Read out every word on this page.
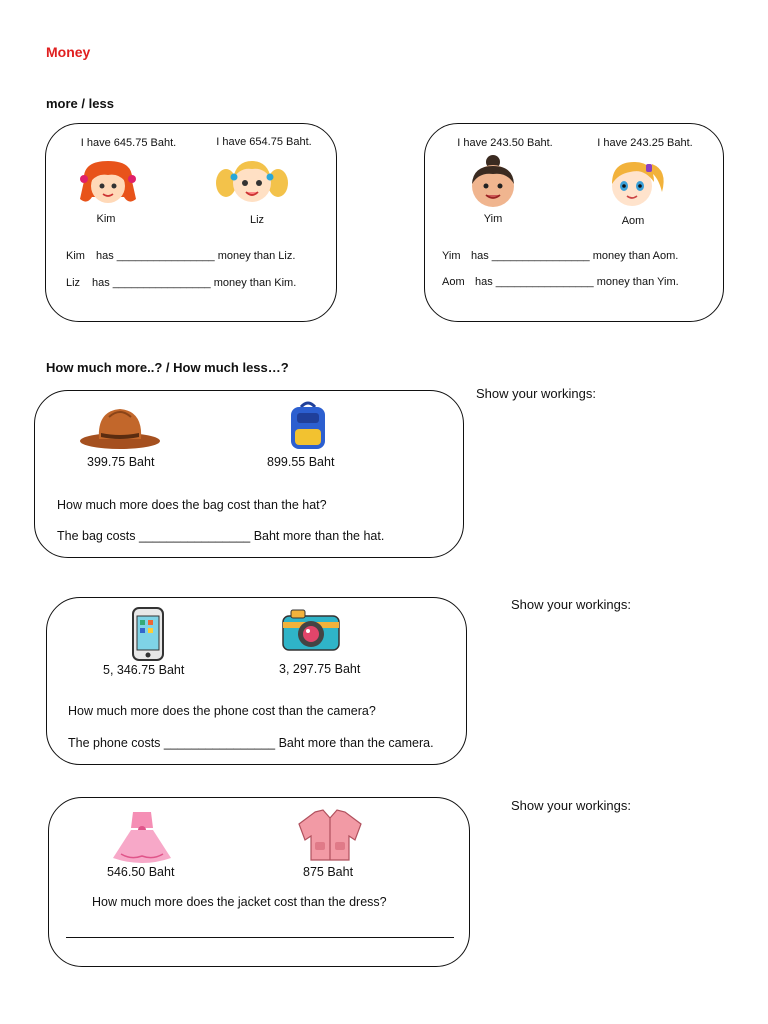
Money
more / less
I have 645.75 Baht.	I have 654.75 Baht.
Kim	Liz
Kim has ________________ money than Liz.
Liz has ________________ money than Kim.
I have 243.50 Baht.	I have 243.25 Baht.
Yim	Aom
Yim has ________________ money than Aom.
Aom has ________________ money than Yim.
How much more..? / How much less…?
Show your workings:
399.75 Baht	899.55 Baht
How much more does the bag cost than the hat?
The bag costs ________________ Baht more than the hat.
Show your workings:
5, 346.75 Baht	3, 297.75 Baht
How much more does the phone cost than the camera?
The phone costs ________________ Baht more than the camera.
Show your workings:
546.50 Baht	875 Baht
How much more does the jacket cost than the dress?
